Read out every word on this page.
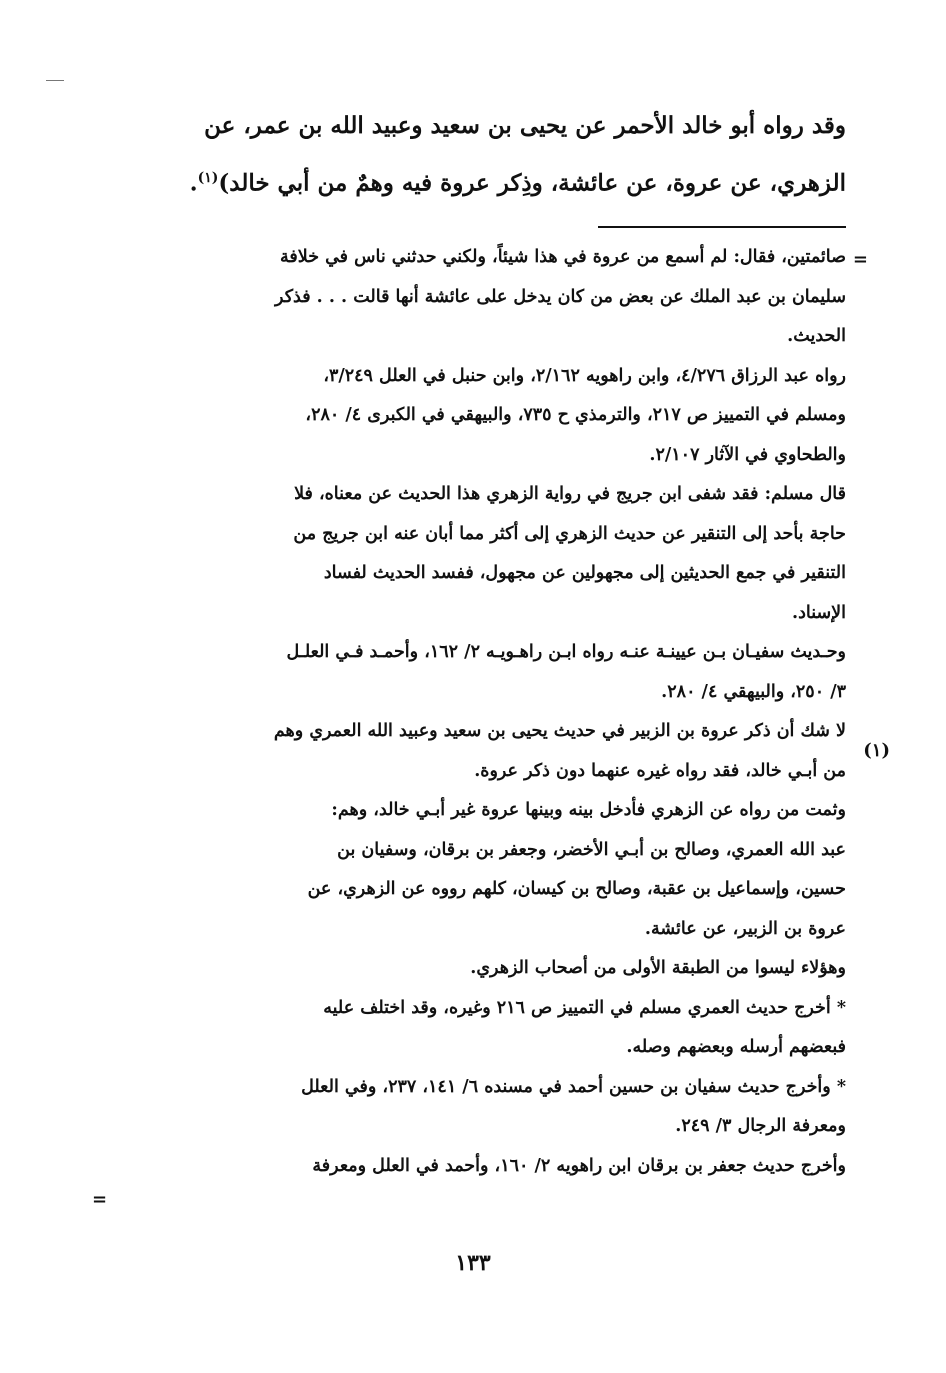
وقد رواه أبو خالد الأحمر عن يحيى بن سعيد وعبيد الله بن عمر، عن
الزهري، عن عروة، عن عائشة، وذِكر عروة فيه وهمٌ من أبي خالد)$^{(١)}$.
=
(١)
=
صائمتين، فقال: لم أسمع من عروة في هذا شيئاً، ولكني حدثني ناس في خلافة
سليمان بن عبد الملك عن بعض من كان يدخل على عائشة أنها قالت . . . فذكر
الحديث.
رواه عبد الرزاق ٤/٢٧٦، وابن راهويه ٢/١٦٢، وابن حنبل في العلل ٣/٢٤٩،
ومسلم في التمييز ص ٢١٧، والترمذي ح ٧٣٥، والبيهقي في الكبرى ٤/ ٢٨٠،
والطحاوي في الآثار ٢/١٠٧.
قال مسلم: فقد شفى ابن جريج في رواية الزهري هذا الحديث عن معناه، فلا
حاجة بأحد إلى التنقير عن حديث الزهري إلى أكثر مما أبان عنه ابن جريج من
التنقير في جمع الحديثين إلى مجهولين عن مجهول، ففسد الحديث لفساد
الإسناد.
وحـديث سفيـان بـن عيينـة عنـه رواه ابـن راهـويـه ٢/ ١٦٢، وأحمـد فـي العلـل
٣/ ٢٥٠، والبيهقي ٤/ ٢٨٠.
لا شك أن ذكر عروة بن الزبير في حديث يحيى بن سعيد وعبيد الله العمري وهم
من أبـي خالد، فقد رواه غيره عنهما دون ذكر عروة.
وثمت من رواه عن الزهري فأدخل بينه وبينها عروة غير أبـي خالد، وهم:
عبد الله العمري، وصالح بن أبـي الأخضر، وجعفر بن برقان، وسفيان بن
حسين، وإسماعيل بن عقبة، وصالح بن كيسان، كلهم رووه عن الزهري، عن
عروة بن الزبير، عن عائشة.
وهؤلاء ليسوا من الطبقة الأولى من أصحاب الزهري.
* أخرج حديث العمري مسلم في التمييز ص ٢١٦ وغيره، وقد اختلف عليه
فبعضهم أرسله وبعضهم وصله.
* وأخرج حديث سفيان بن حسين أحمد في مسنده ٦/ ١٤١، ٢٣٧، وفي العلل
ومعرفة الرجال ٣/ ٢٤٩.
وأخرج حديث جعفر بن برقان ابن راهويه ٢/ ١٦٠، وأحمد في العلل ومعرفة
١٣٣
